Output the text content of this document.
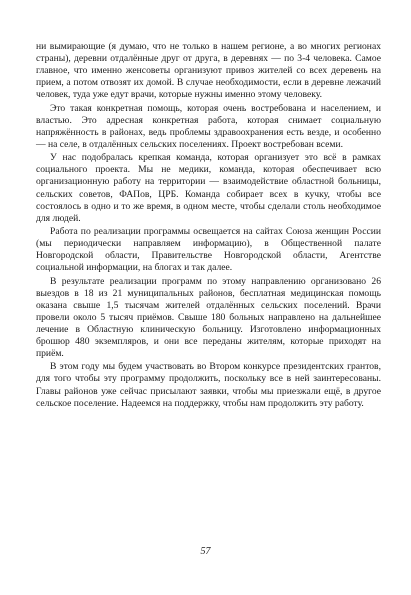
ни вымирающие (я думаю, что не только в нашем регионе, а во многих регионах страны), деревни отдалённые друг от друга, в деревнях — по 3-4 человека. Самое главное, что именно женсоветы организуют привоз жителей со всех деревень на прием, а потом отвозят их домой. В случае необходимости, если в деревне лежачий человек, туда уже едут врачи, которые нужны именно этому человеку.

Это такая конкретная помощь, которая очень востребована и населением, и властью. Это адресная конкретная работа, которая снимает социальную напряжённость в районах, ведь проблемы здравоохранения есть везде, и особенно — на селе, в отдалённых сельских поселениях. Проект востребован всеми.

У нас подобралась крепкая команда, которая организует это всё в рамках социального проекта. Мы не медики, команда, которая обеспечивает всю организационную работу на территории — взаимодействие областной больницы, сельских советов, ФАПов, ЦРБ. Команда собирает всех в кучку, чтобы все состоялось в одно и то же время, в одном месте, чтобы сделали столь необходимое для людей.

Работа по реализации программы освещается на сайтах Союза женщин России (мы периодически направляем информацию), в Общественной палате Новгородской области, Правительстве Новгородской области, Агентстве социальной информации, на блогах и так далее.

В результате реализации программ по этому направлению организовано 26 выездов в 18 из 21 муниципальных районов, бесплатная медицинская помощь оказана свыше 1,5 тысячам жителей отдалённых сельских поселений. Врачи провели около 5 тысяч приёмов. Свыше 180 больных направлено на дальнейшее лечение в Областную клиническую больницу. Изготовлено информационных брошюр 480 экземпляров, и они все переданы жителям, которые приходят на приём.

В этом году мы будем участвовать во Втором конкурсе президентских грантов, для того чтобы эту программу продолжить, поскольку все в ней заинтересованы. Главы районов уже сейчас присылают заявки, чтобы мы приезжали ещё, в другое сельское поселение. Надеемся на поддержку, чтобы нам продолжить эту работу.

57
